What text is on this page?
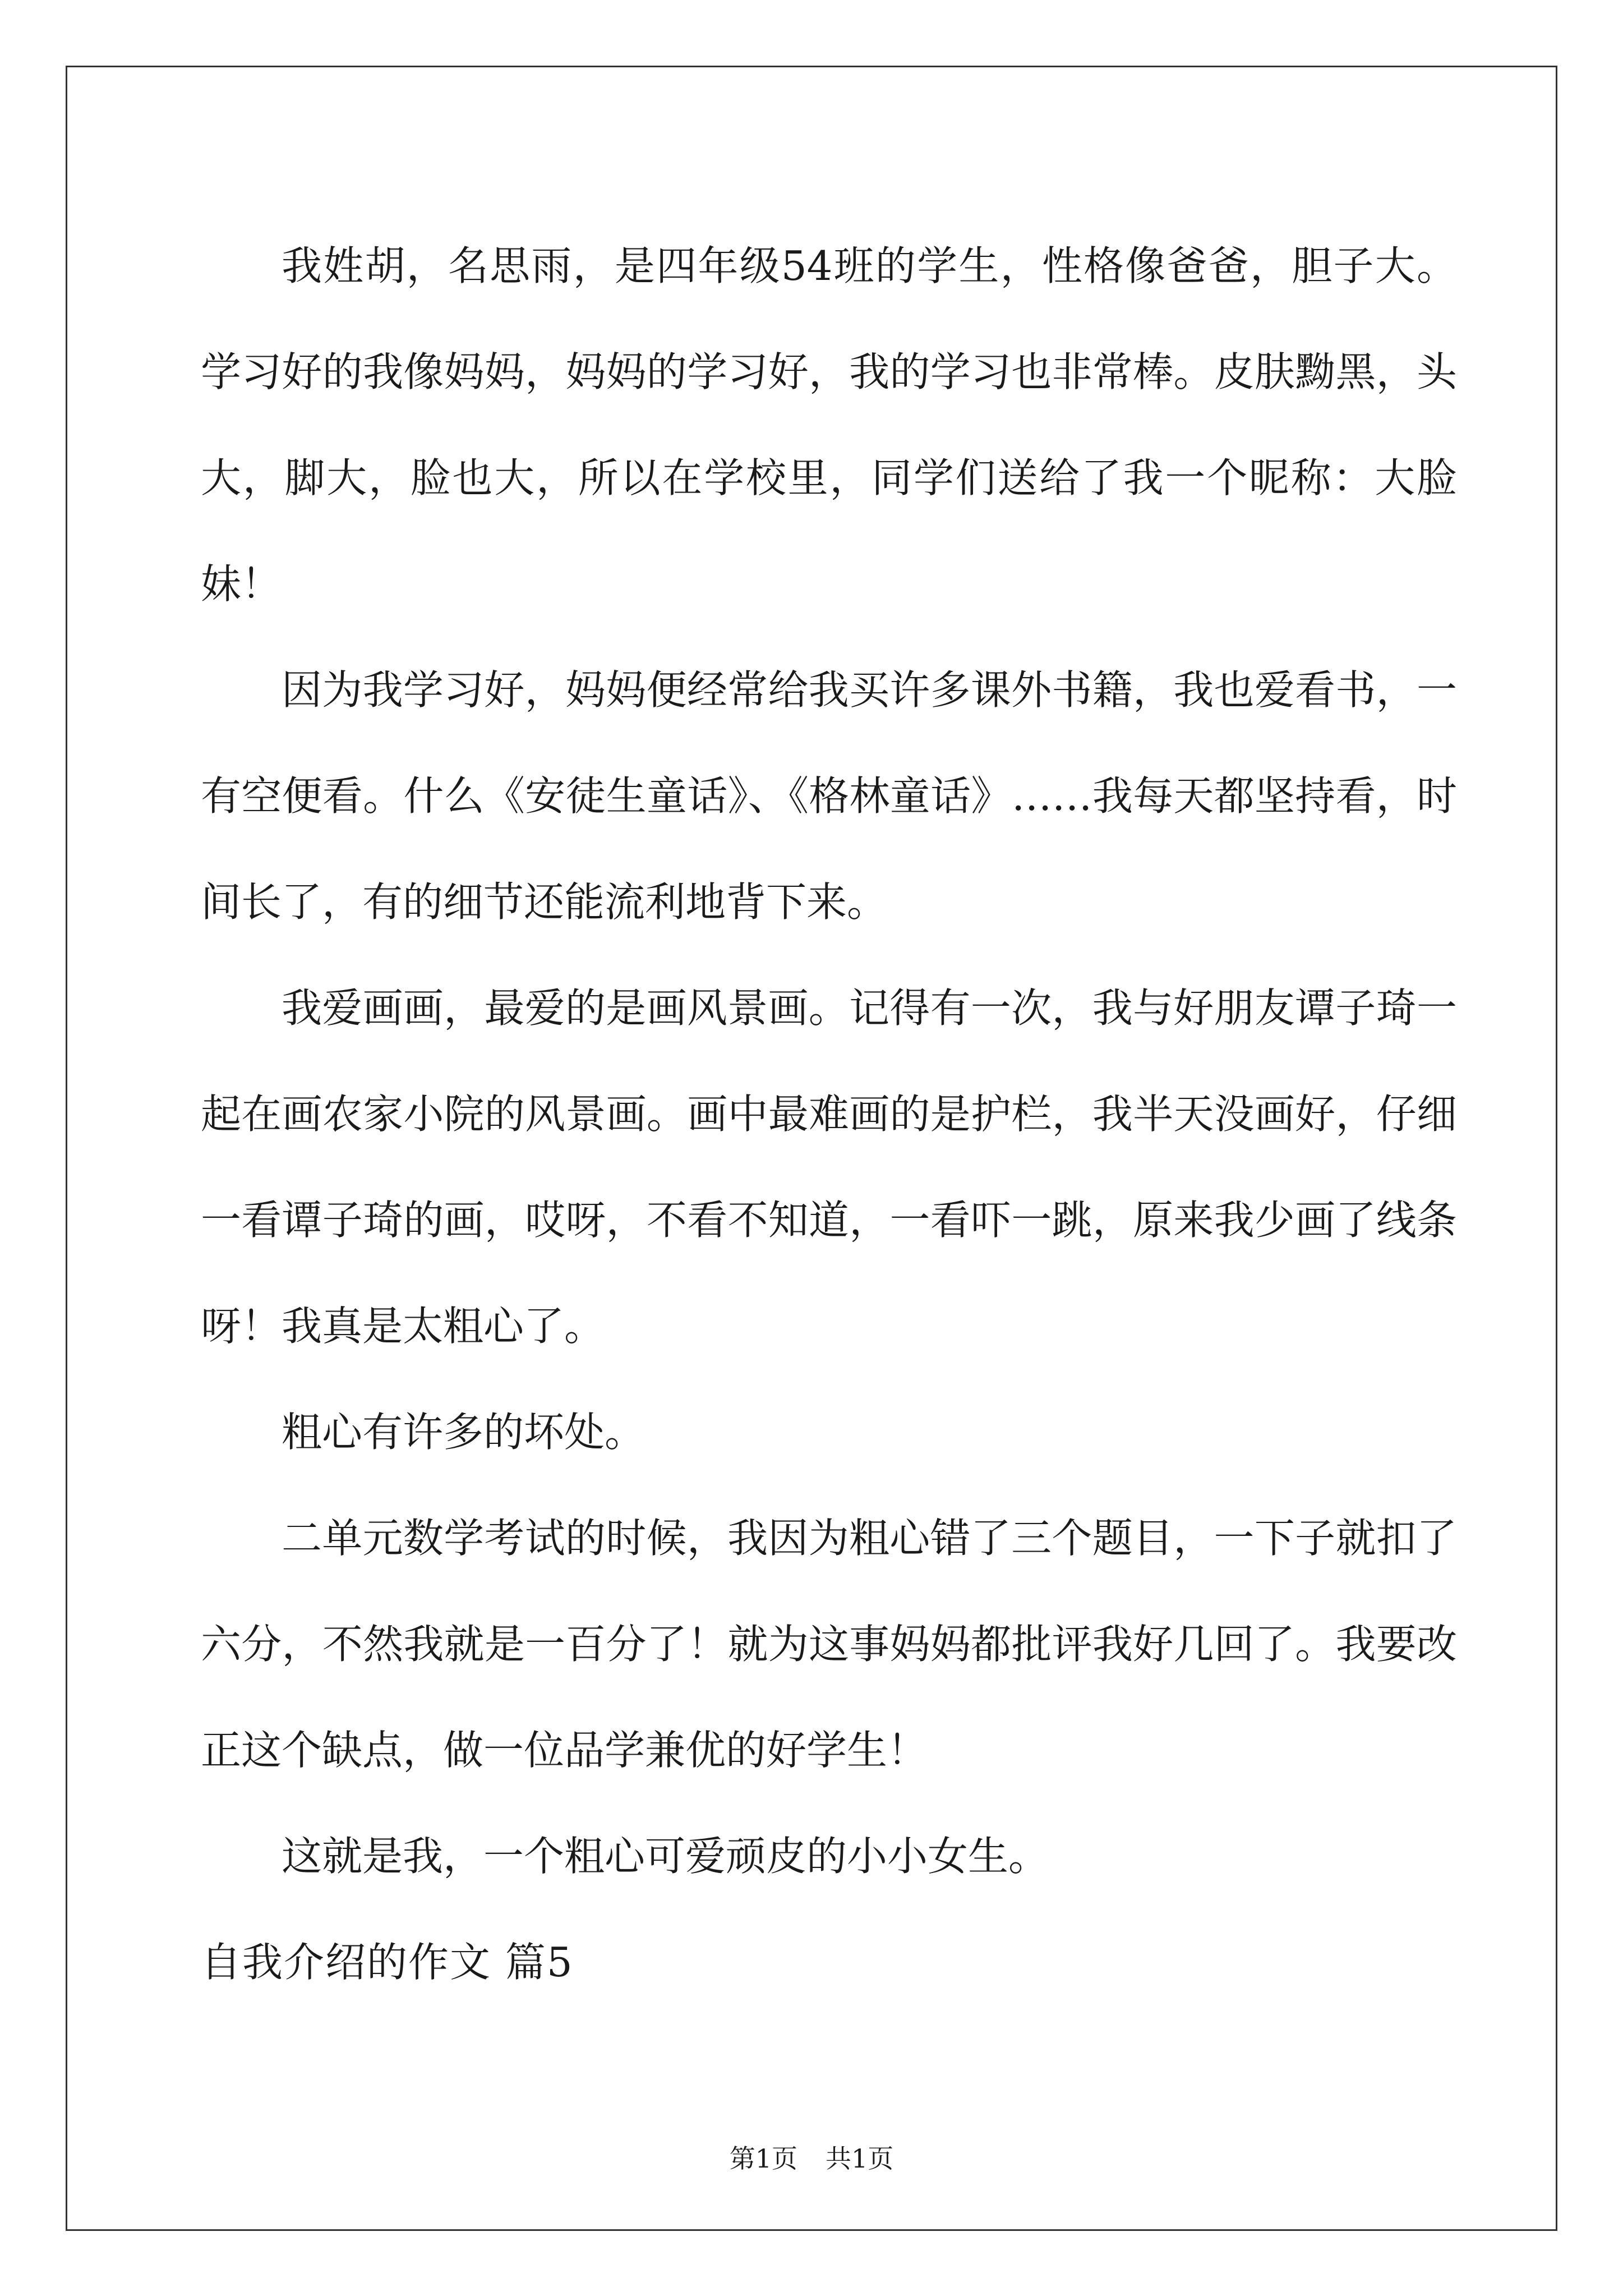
我姓胡，名思雨，是四年级54班的学生，性格像爸爸，胆子大。学习好的我像妈妈，妈妈的学习好，我的学习也非常棒。皮肤黝黑，头大，脚大，脸也大，所以在学校里，同学们送给了我一个昵称：大脸妹！

因为我学习好，妈妈便经常给我买许多课外书籍，我也爱看书，一有空便看。什么《安徒生童话》、《格林童话》……我每天都坚持看，时间长了，有的细节还能流利地背下来。

我爱画画，最爱的是画风景画。记得有一次，我与好朋友谭子琦一起在画农家小院的风景画。画中最难画的是护栏，我半天没画好，仔细一看谭子琦的画，哎呀，不看不知道，一看吓一跳，原来我少画了线条呀！我真是太粗心了。

粗心有许多的坏处。

二单元数学考试的时候，我因为粗心错了三个题目，一下子就扣了六分，不然我就是一百分了！就为这事妈妈都批评我好几回了。我要改正这个缺点，做一位品学兼优的好学生！

这就是我，一个粗心可爱顽皮的小小女生。

自我介绍的作文 篇5

第1页 共1页
